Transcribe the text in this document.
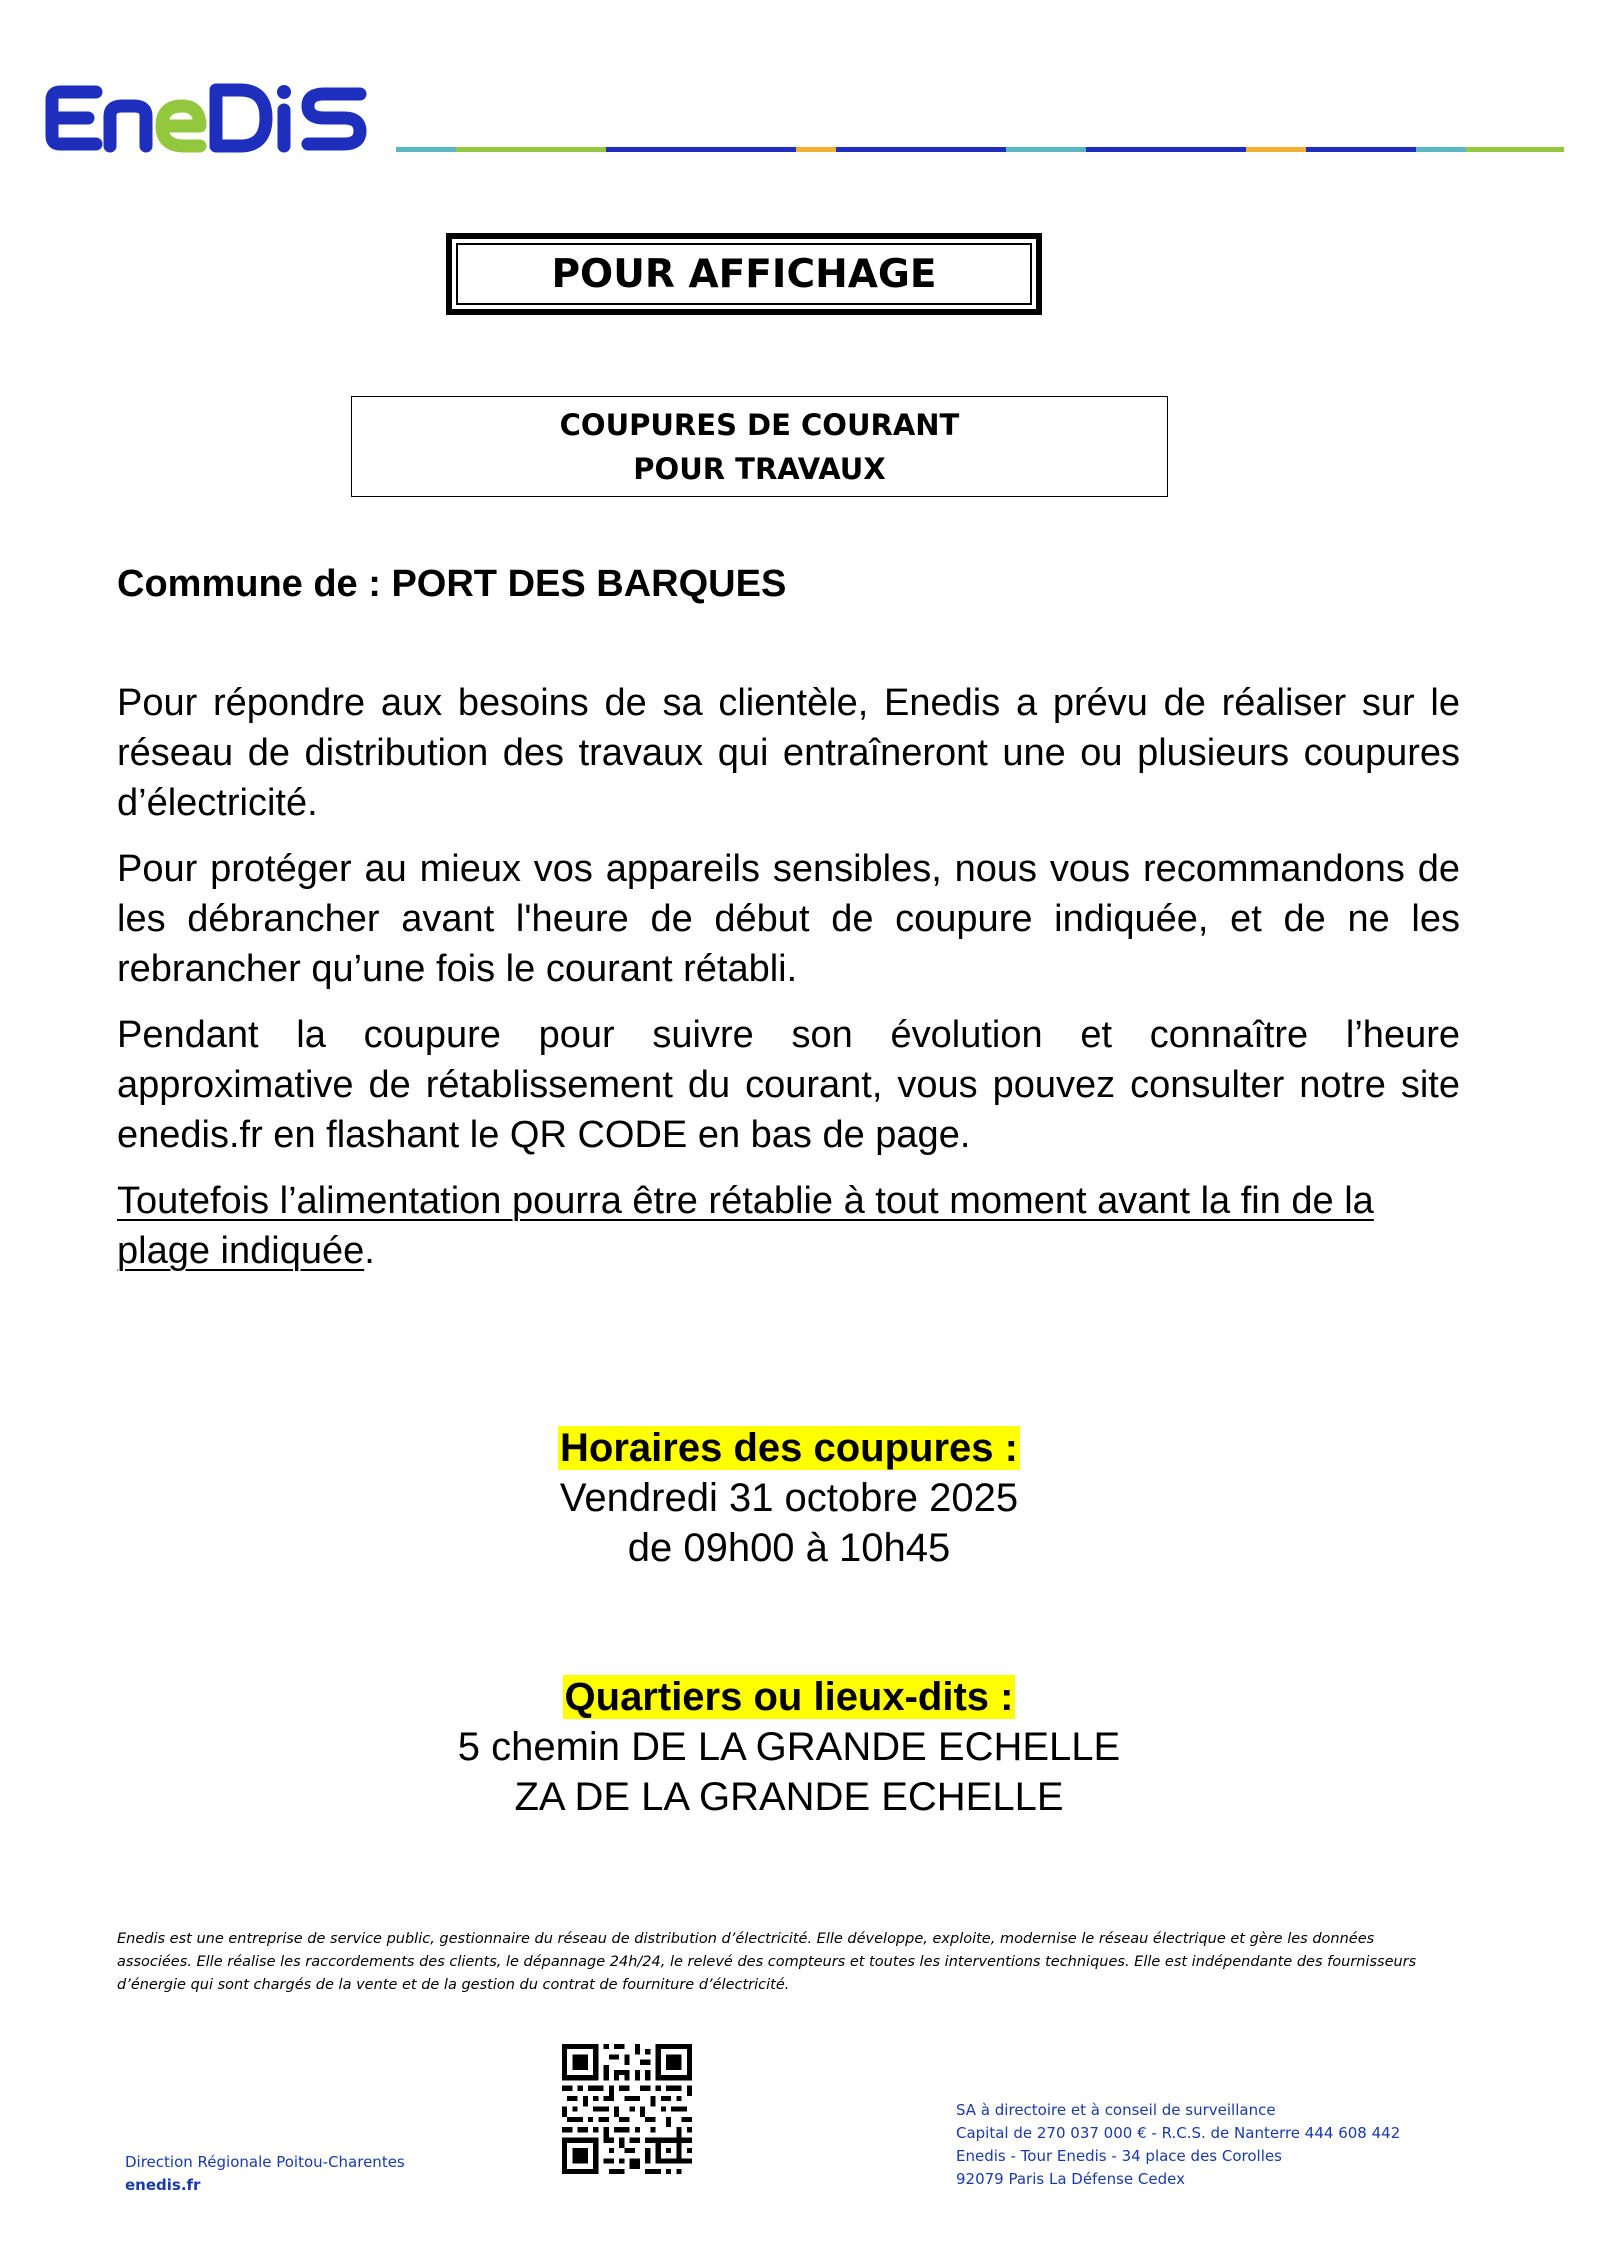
POUR AFFICHAGE
COUPURES DE COURANT
POUR TRAVAUX
Commune de : PORT DES BARQUES

Pour répondre aux besoins de sa clientèle, Enedis a prévu de réaliser sur le réseau de distribution des travaux qui entraîneront une ou plusieurs coupures d’électricité.

Pour protéger au mieux vos appareils sensibles, nous vous recommandons de les débrancher avant l'heure de début de coupure indiquée, et de ne les rebrancher qu’une fois le courant rétabli.

Pendant la coupure pour suivre son évolution et connaître l’heure approximative de rétablissement du courant, vous pouvez consulter notre site enedis.fr en flashant le QR CODE en bas de page.

Toutefois l’alimentation pourra être rétablie à tout moment avant la fin de la plage indiquée.

Horaires des coupures :
Vendredi 31 octobre 2025
de 09h00 à 10h45
Quartiers ou lieux-dits :
5 chemin DE LA GRANDE ECHELLE
ZA DE LA GRANDE ECHELLE

Enedis est une entreprise de service public, gestionnaire du réseau de distribution d’électricité. Elle développe, exploite, modernise le réseau électrique et gère les données associées. Elle réalise les raccordements des clients, le dépannage 24h/24, le relevé des compteurs et toutes les interventions techniques. Elle est indépendante des fournisseurs d’énergie qui sont chargés de la vente et de la gestion du contrat de fourniture d’électricité.

Direction Régionale Poitou-Charentes
enedis.fr
SA à directoire et à conseil de surveillance
Capital de 270 037 000 € - R.C.S. de Nanterre 444 608 442
Enedis - Tour Enedis - 34 place des Corolles
92079 Paris La Défense Cedex
